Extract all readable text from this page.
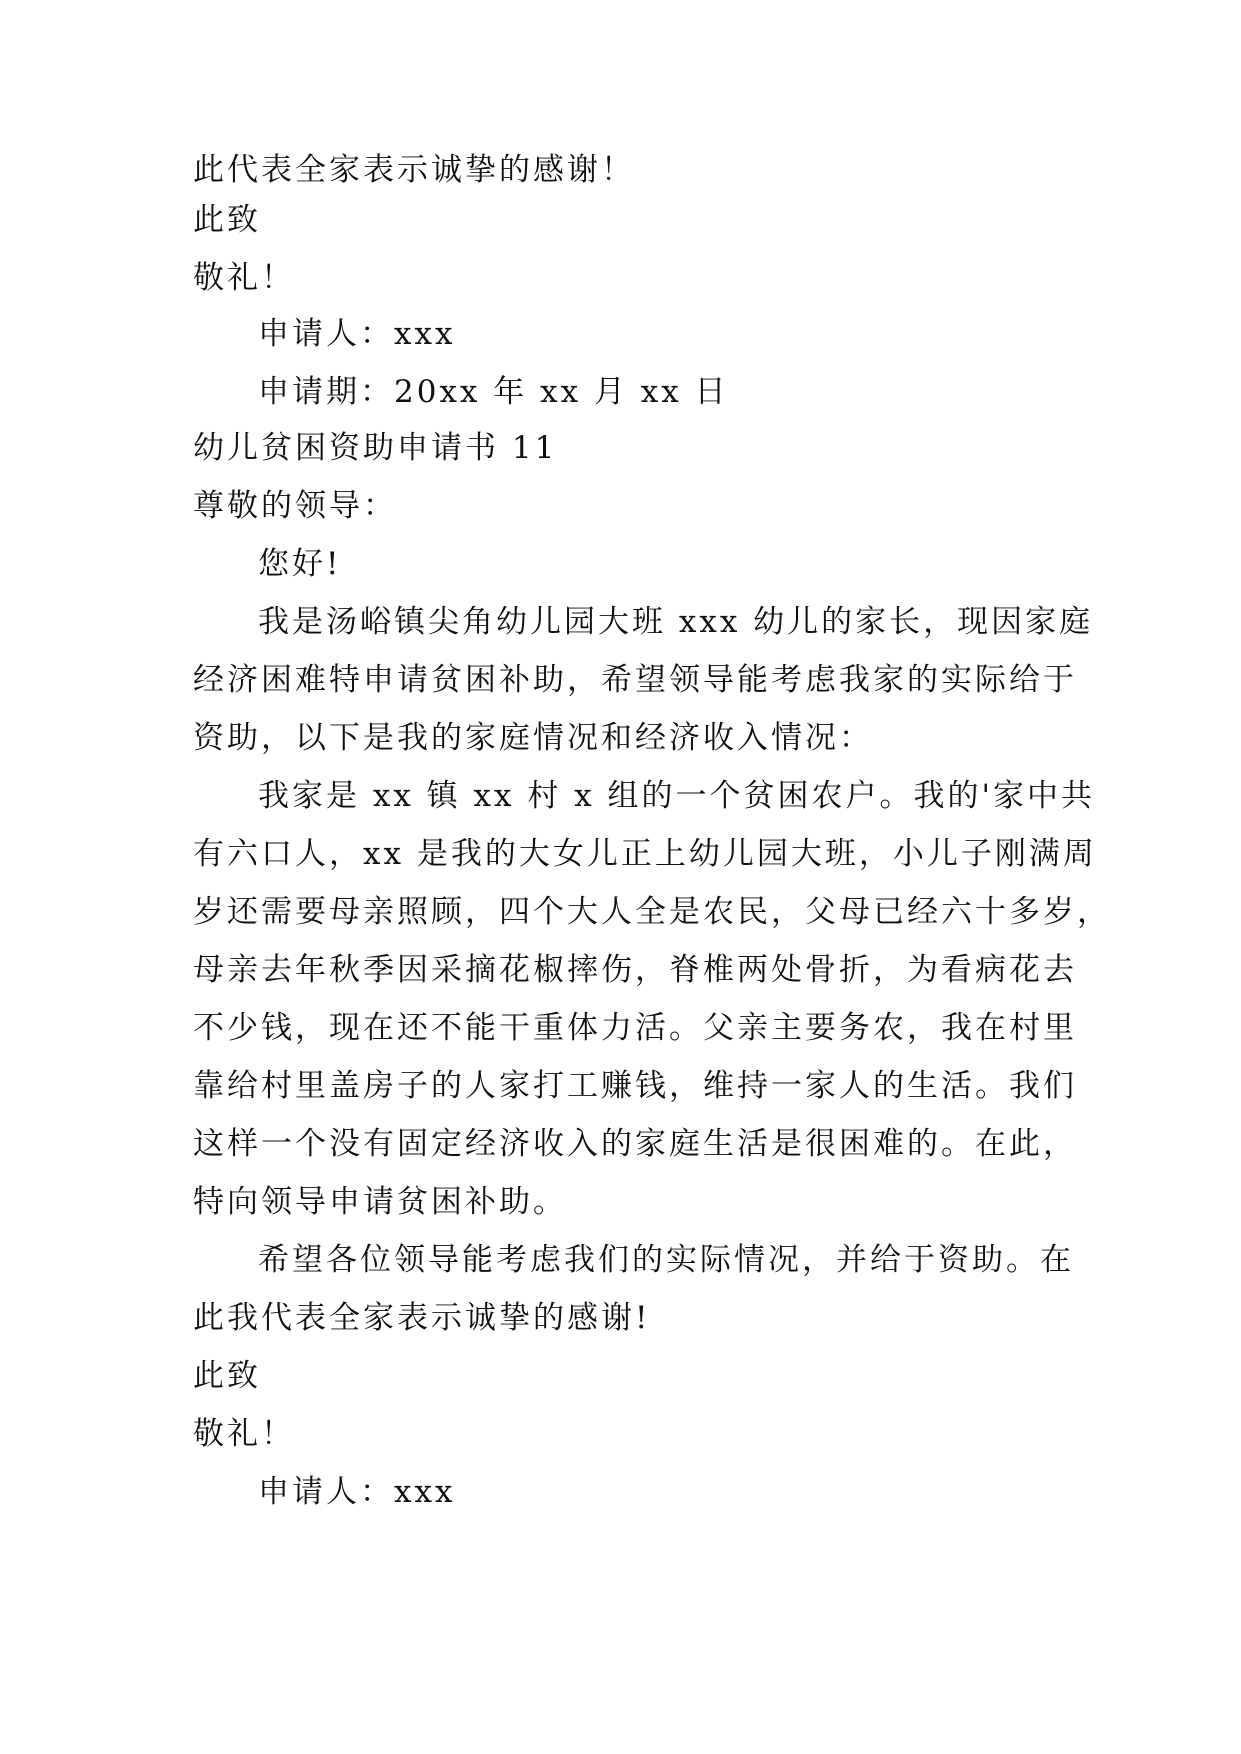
此代表全家表示诚挚的感谢！
此致
敬礼！
申请人：xxx
申请期：20xx 年 xx 月 xx 日
幼儿贫困资助申请书 11
尊敬的领导：
您好!
我是汤峪镇尖角幼儿园大班 xxx 幼儿的家长，现因家庭
经济困难特申请贫困补助，希望领导能考虑我家的实际给于
资助，以下是我的家庭情况和经济收入情况：
我家是 xx 镇 xx 村 x 组的一个贫困农户。我的'家中共
有六口人，xx 是我的大女儿正上幼儿园大班，小儿子刚满周
岁还需要母亲照顾，四个大人全是农民，父母已经六十多岁，
母亲去年秋季因采摘花椒摔伤，脊椎两处骨折，为看病花去
不少钱，现在还不能干重体力活。父亲主要务农，我在村里
靠给村里盖房子的人家打工赚钱，维持一家人的生活。我们
这样一个没有固定经济收入的家庭生活是很困难的。在此，
特向领导申请贫困补助。
希望各位领导能考虑我们的实际情况，并给于资助。在
此我代表全家表示诚挚的感谢!
此致
敬礼！
申请人：xxx
